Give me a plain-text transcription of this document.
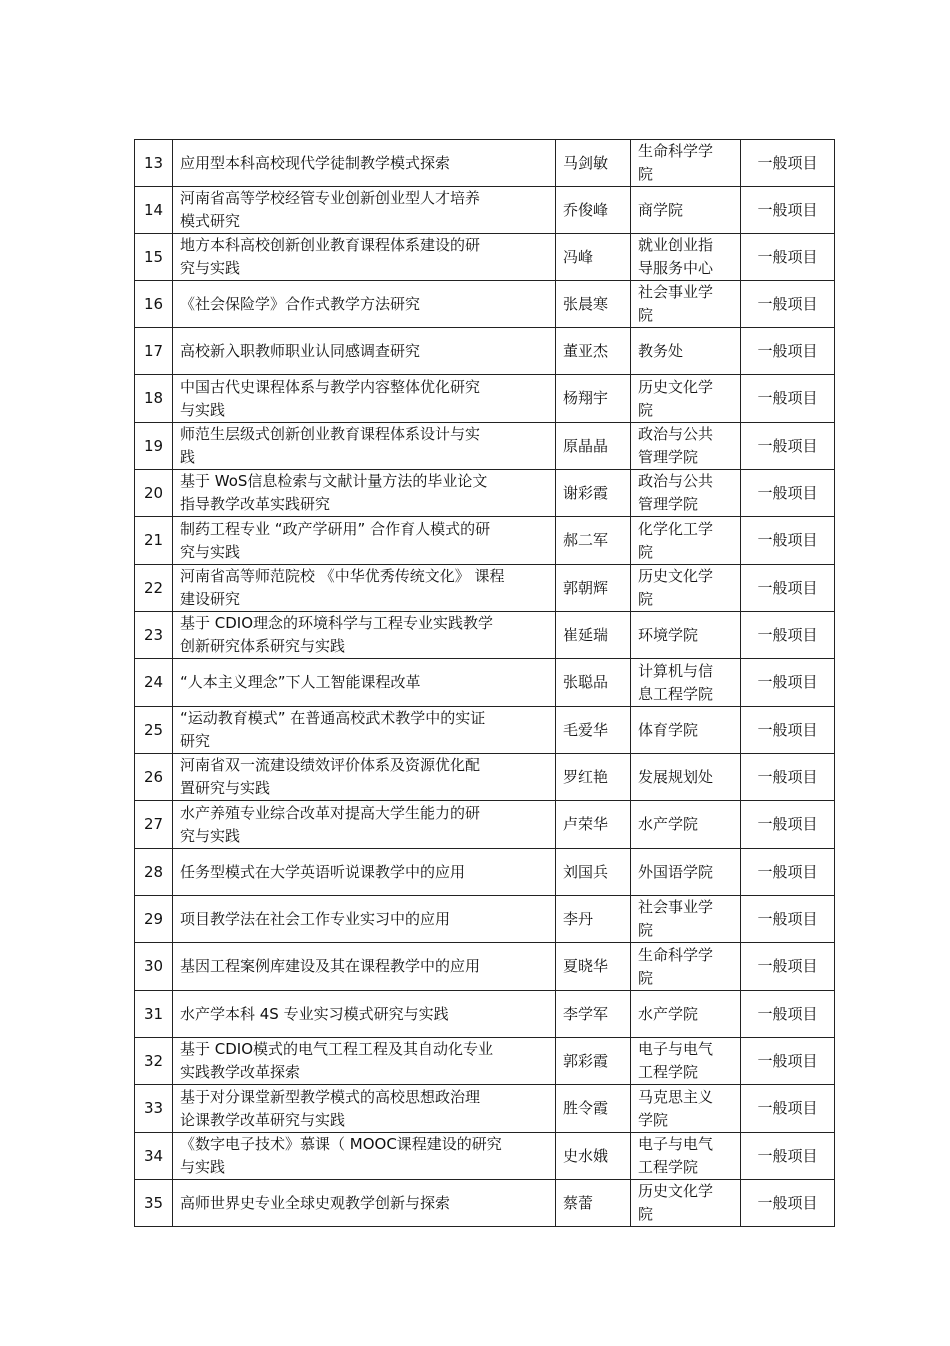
13	应用型本科高校现代学徒制教学模式探索	马剑敏	生命科学学
院	一般项目

14	河南省高等学校经管专业创新创业型人才培养
模式研究	乔俊峰	商学院	一般项目

15	地方本科高校创新创业教育课程体系建设的研
究与实践	冯峰	就业创业指
导服务中心	一般项目

16	《社会保险学》合作式教学方法研究	张晨寒	社会事业学
院	一般项目

17	高校新入职教师职业认同感调查研究	董亚杰	教务处	一般项目

18	中国古代史课程体系与教学内容整体优化研究
与实践	杨翔宇	历史文化学
院	一般项目

19	师范生层级式创新创业教育课程体系设计与实
践	原晶晶	政治与公共
管理学院	一般项目

20	基于 WoS信息检索与文献计量方法的毕业论文
指导教学改革实践研究	谢彩霞	政治与公共
管理学院	一般项目

21	制药工程专业 “政产学研用” 合作育人模式的研
究与实践	郝二军	化学化工学
院	一般项目

22	河南省高等师范院校 《中华优秀传统文化》 课程
建设研究	郭朝辉	历史文化学
院	一般项目

23	基于 CDIO理念的环境科学与工程专业实践教学
创新研究体系研究与实践	崔延瑞	环境学院	一般项目

24	“人本主义理念”下人工智能课程改革	张聪品	计算机与信
息工程学院	一般项目

25	“运动教育模式” 在普通高校武术教学中的实证
研究	毛爱华	体育学院	一般项目

26	河南省双一流建设绩效评价体系及资源优化配
置研究与实践	罗红艳	发展规划处	一般项目

27	水产养殖专业综合改革对提高大学生能力的研
究与实践	卢荣华	水产学院	一般项目

28	任务型模式在大学英语听说课教学中的应用	刘国兵	外国语学院	一般项目

29	项目教学法在社会工作专业实习中的应用	李丹	社会事业学
院	一般项目

30	基因工程案例库建设及其在课程教学中的应用	夏晓华	生命科学学
院	一般项目

31	水产学本科 4S 专业实习模式研究与实践	李学军	水产学院	一般项目

32	基于 CDIO模式的电气工程工程及其自动化专业
实践教学改革探索	郭彩霞	电子与电气
工程学院	一般项目

33	基于对分课堂新型教学模式的高校思想政治理
论课教学改革研究与实践	胜令霞	马克思主义
学院	一般项目

34	《数字电子技术》慕课（ MOOC课程建设的研究
与实践	史水娥	电子与电气
工程学院	一般项目

35	高师世界史专业全球史观教学创新与探索	蔡蕾	历史文化学
院	一般项目
